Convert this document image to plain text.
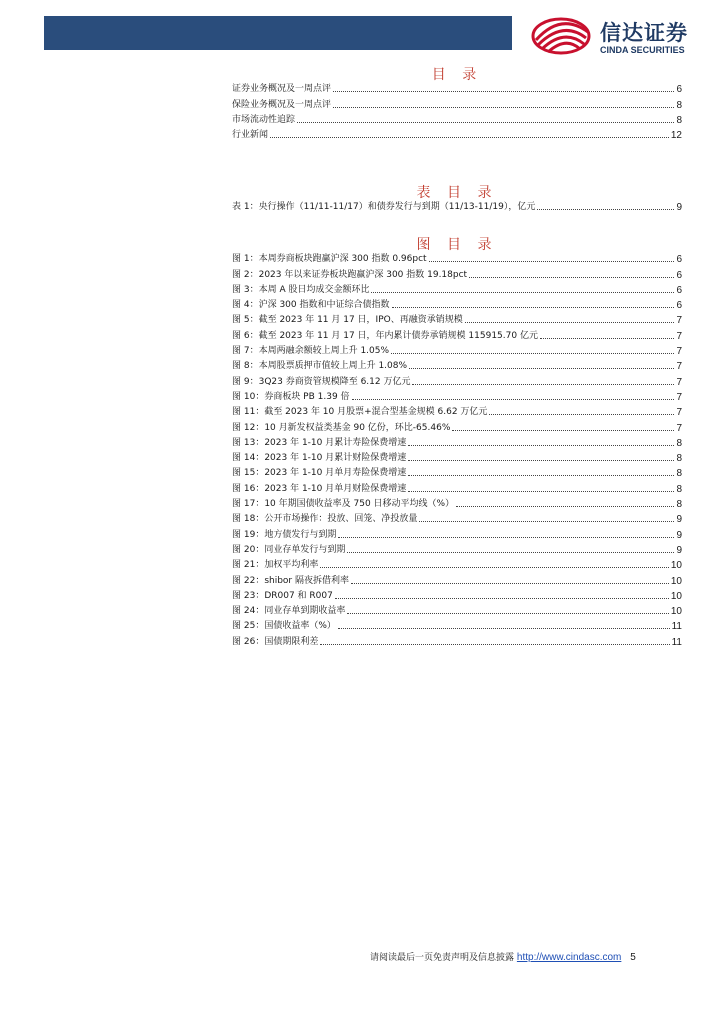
信达证券
CINDA SECURITIES
目 录
证券业务概况及一周点评	6
保险业务概况及一周点评	8
市场流动性追踪	8
行业新闻	12
表 目 录
表 1：央行操作（11/11-11/17）和债券发行与到期（11/13-11/19），亿元	9
图 目 录
图 1：本周券商板块跑赢沪深 300 指数 0.96pct	6
图 2：2023 年以来证券板块跑赢沪深 300 指数 19.18pct	6
图 3：本周 A 股日均成交金额环比	6
图 4：沪深 300 指数和中证综合债指数	6
图 5：截至 2023 年 11 月 17 日，IPO、再融资承销规模	7
图 6：截至 2023 年 11 月 17 日，年内累计债券承销规模 115915.70 亿元	7
图 7：本周两融余额较上周上升 1.05%	7
图 8：本周股票质押市值较上周上升 1.08%	7
图 9：3Q23 券商资管规模降至 6.12 万亿元	7
图 10：券商板块 PB 1.39 倍	7
图 11：截至 2023 年 10 月股票+混合型基金规模 6.62 万亿元	7
图 12：10 月新发权益类基金 90 亿份，环比-65.46%	7
图 13：2023 年 1-10 月累计寿险保费增速	8
图 14：2023 年 1-10 月累计财险保费增速	8
图 15：2023 年 1-10 月单月寿险保费增速	8
图 16：2023 年 1-10 月单月财险保费增速	8
图 17：10 年期国债收益率及 750 日移动平均线（%）	8
图 18：公开市场操作：投放、回笼、净投放量	9
图 19：地方债发行与到期	9
图 20：同业存单发行与到期	9
图 21：加权平均利率	10
图 22：shibor 隔夜拆借利率	10
图 23：DR007 和 R007	10
图 24：同业存单到期收益率	10
图 25：国债收益率（%）	11
图 26：国债期限利差	11
请阅读最后一页免责声明及信息披露 http://www.cindasc.com 5
